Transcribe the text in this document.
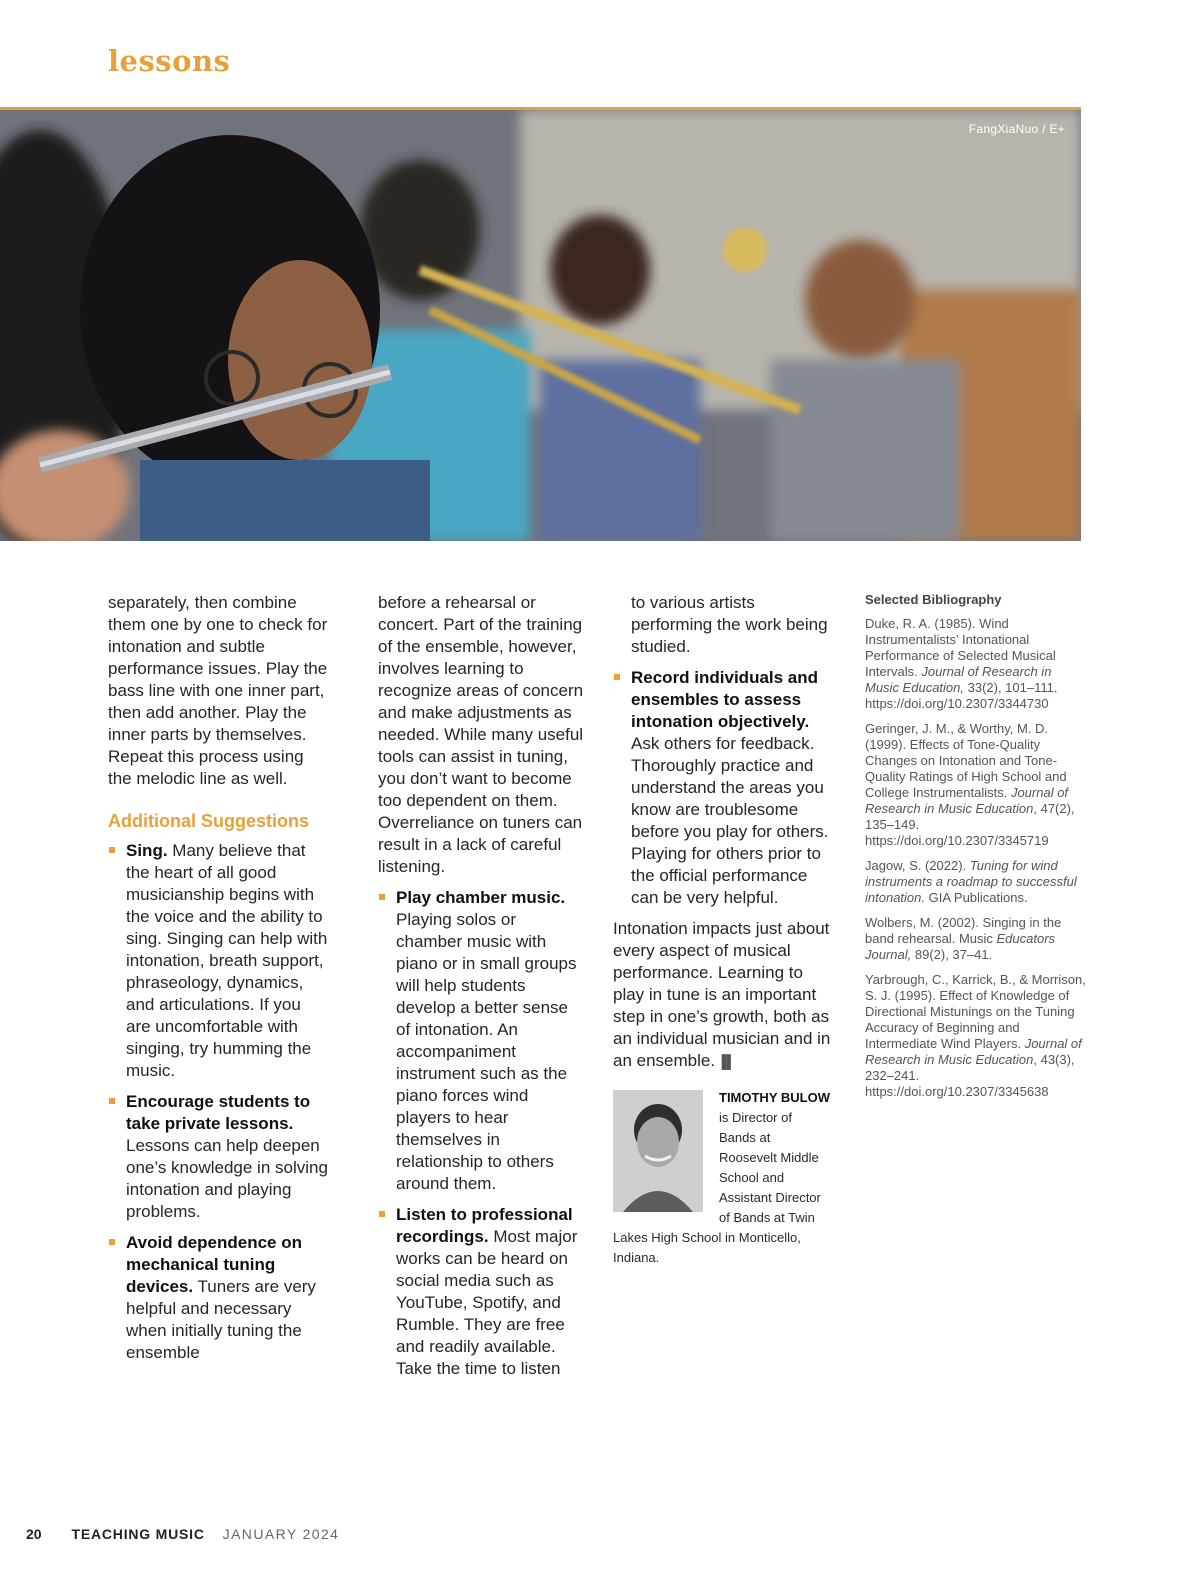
lessons
FangXiaNuo / E+

separately, then combine them one by one to check for intonation and subtle performance issues. Play the bass line with one inner part, then add another. Play the inner parts by themselves. Repeat this process using the melodic line as well.

Additional Suggestions
Sing. Many believe that the heart of all good musicianship begins with the voice and the ability to sing. Singing can help with intonation, breath support, phraseology, dynamics, and articulations. If you are uncomfortable with singing, try humming the music.
Encourage students to take private lessons. Lessons can help deepen one’s knowledge in solving intonation and playing problems.
Avoid dependence on mechanical tuning devices. Tuners are very helpful and necessary when initially tuning the ensemble

before a rehearsal or concert. Part of the training of the ensemble, however, involves learning to recognize areas of concern and make adjustments as needed. While many useful tools can assist in tuning, you don’t want to become too dependent on them. Overreliance on tuners can result in a lack of careful listening.

Play chamber music. Playing solos or chamber music with piano or in small groups will help students develop a better sense of intonation. An accompaniment instrument such as the piano forces wind players to hear themselves in relationship to others around them.
Listen to professional recordings. Most major works can be heard on social media such as YouTube, Spotify, and Rumble. They are free and readily available. Take the time to listen

to various artists performing the work being studied.

Record individuals and ensembles to assess intonation objectively. Ask others for feedback. Thoroughly practice and understand the areas you know are troublesome before you play for others. Playing for others prior to the official performance can be very helpful.

Intonation impacts just about every aspect of musical performance. Learning to play in tune is an important step in one’s growth, both as an individual musician and in an ensemble. ▐▌

TIMOTHY BULOW is Director of Bands at Roosevelt Middle School and Assistant Director of Bands at Twin Lakes High School in Monticello, Indiana.
Selected Bibliography

Duke, R. A. (1985). Wind Instrumentalists’ Intonational Performance of Selected Musical Intervals. Journal of Research in Music Education, 33(2), 101–111. https://doi.org/10.2307/3344730

Geringer, J. M., & Worthy, M. D. (1999). Effects of Tone-Quality Changes on Intonation and Tone-Quality Ratings of High School and College Instrumentalists. Journal of Research in Music Education, 47(2), 135–149. https://doi.org/10.2307/3345719

Jagow, S. (2022). Tuning for wind instruments a roadmap to successful intonation. GIA Publications.

Wolbers, M. (2002). Singing in the band rehearsal. Music Educators Journal, 89(2), 37–41.

Yarbrough, C., Karrick, B., & Morrison, S. J. (1995). Effect of Knowledge of Directional Mistunings on the Tuning Accuracy of Beginning and Intermediate Wind Players. Journal of Research in Music Education, 43(3), 232–241. https://doi.org/10.2307/3345638

20 TEACHING MUSIC JANUARY 2024
